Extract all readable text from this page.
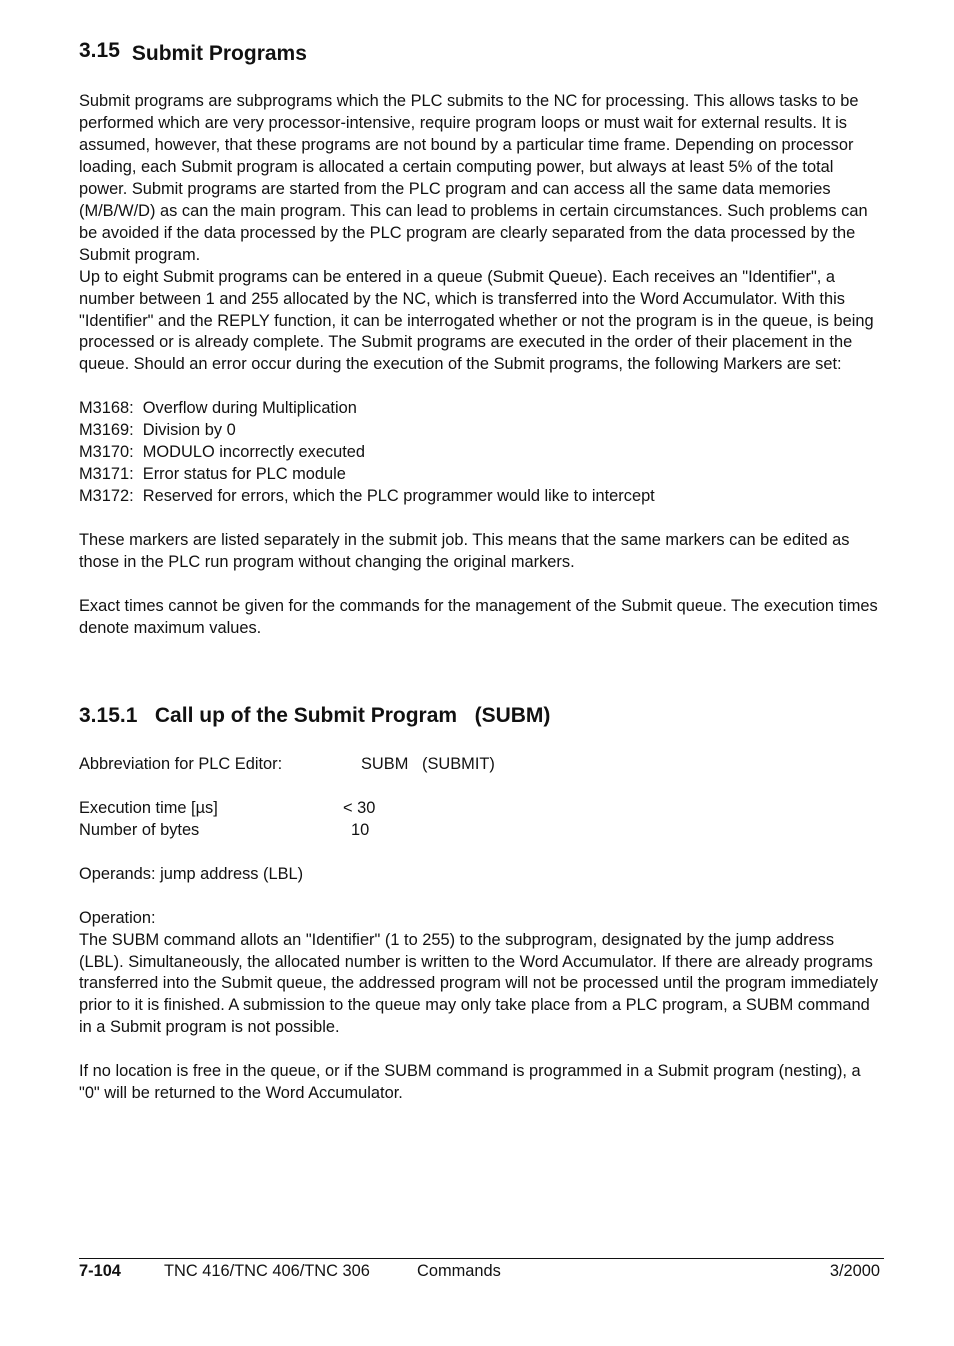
3.15 Submit Programs

Submit programs are subprograms which the PLC submits to the NC for processing. This allows tasks to be performed which are very processor-intensive, require program loops or must wait for external results. It is assumed, however, that these programs are not bound by a particular time frame. Depending on processor loading, each Submit program is allocated a certain computing power, but always at least 5% of the total power. Submit programs are started from the PLC program and can access all the same data memories (M/B/W/D) as can the main program. This can lead to problems in certain circumstances. Such problems can be avoided if the data processed by the PLC program are clearly separated from the data processed by the Submit program.

Up to eight Submit programs can be entered in a queue (Submit Queue). Each receives an "Identifier", a number between 1 and 255 allocated by the NC, which is transferred into the Word Accumulator. With this "Identifier" and the REPLY function, it can be interrogated whether or not the program is in the queue, is being processed or is already complete. The Submit programs are executed in the order of their placement in the queue. Should an error occur during the execution of the Submit programs, the following Markers are set:

M3168:  Overflow during Multiplication

M3169:  Division by 0

M3170:  MODULO incorrectly executed

M3171:  Error status for PLC module

M3172:  Reserved for errors, which the PLC programmer would like to intercept

These markers are listed separately in the submit job. This means that the same markers can be edited as those in the PLC run program without changing the original markers.

Exact times cannot be given for the commands for the management of the Submit queue. The execution times denote maximum values.

3.15.1   Call up of the Submit Program   (SUBM)
Abbreviation for PLC Editor:	SUBM   (SUBMIT)
Execution time [µs]	< 30
Number of bytes	10

Operands: jump address (LBL)

Operation:

The SUBM command allots an "Identifier" (1 to 255) to the subprogram, designated by the jump address (LBL). Simultaneously, the allocated number is written to the Word Accumulator. If there are already programs transferred into the Submit queue, the addressed program will not be processed until the program immediately prior to it is finished. A submission to the queue may only take place from a PLC program, a SUBM command in a Submit program is not possible.

If no location is free in the queue, or if the SUBM command is programmed in a Submit program (nesting), a "0" will be returned to the Word Accumulator.

7-104	TNC 416/TNC 406/TNC 306	Commands	3/2000
